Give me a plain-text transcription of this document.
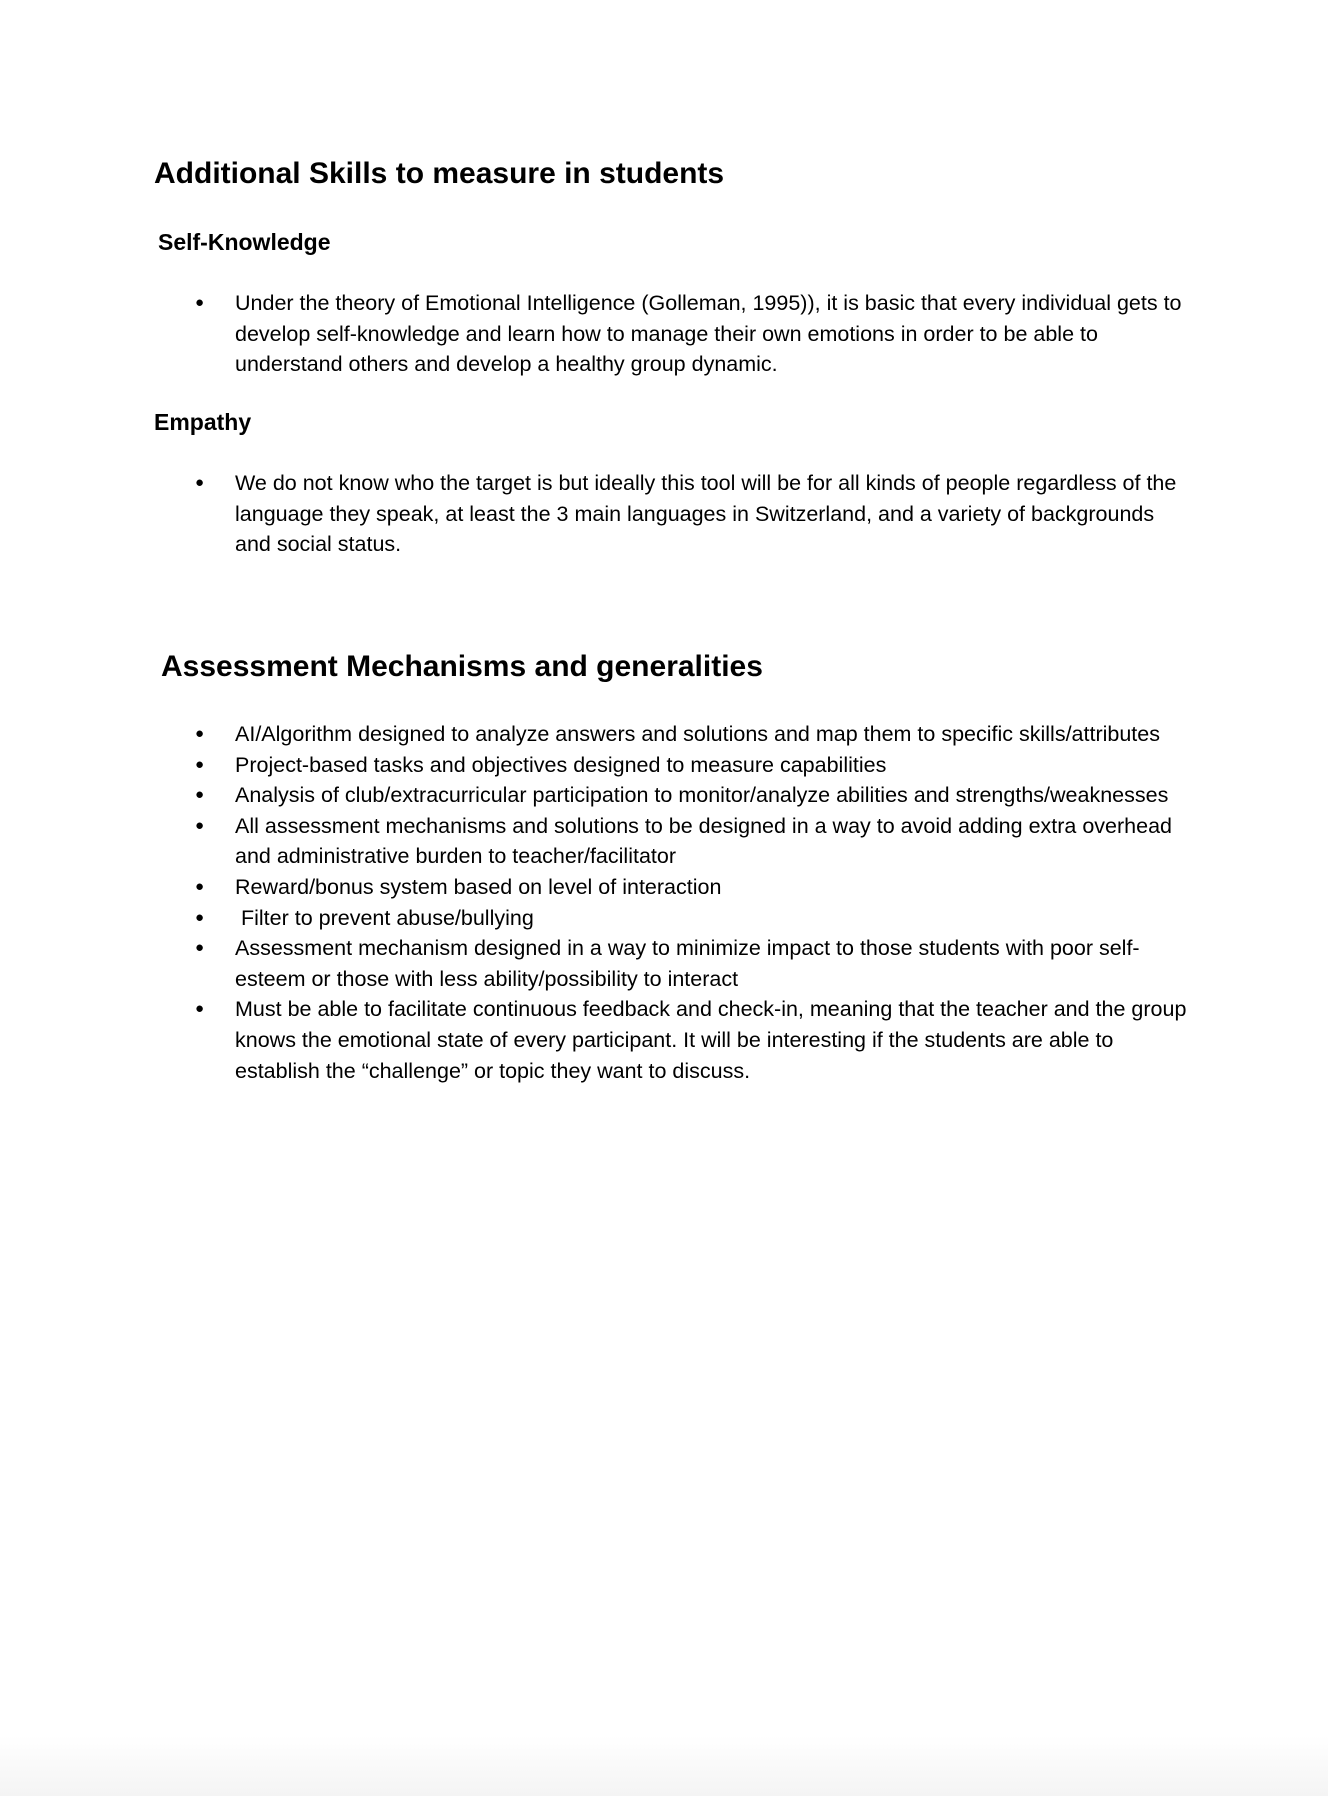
Additional Skills to measure in students
Self-Knowledge
● Under the theory of Emotional Intelligence (Golleman, 1995)), it is basic that every individual gets to develop self-knowledge and learn how to manage their own emotions in order to be able to understand others and develop a healthy group dynamic.
Empathy
● We do not know who the target is but ideally this tool will be for all kinds of people regardless of the language they speak, at least the 3 main languages in Switzerland, and a variety of backgrounds and social status.
Assessment Mechanisms and generalities
● AI/Algorithm designed to analyze answers and solutions and map them to specific skills/attributes
● Project-based tasks and objectives designed to measure capabilities
● Analysis of club/extracurricular participation to monitor/analyze abilities and strengths/weaknesses
● All assessment mechanisms and solutions to be designed in a way to avoid adding extra overhead and administrative burden to teacher/facilitator
● Reward/bonus system based on level of interaction
● Filter to prevent abuse/bullying
● Assessment mechanism designed in a way to minimize impact to those students with poor self-esteem or those with less ability/possibility to interact
● Must be able to facilitate continuous feedback and check-in, meaning that the teacher and the group knows the emotional state of every participant. It will be interesting if the students are able to establish the “challenge” or topic they want to discuss.
